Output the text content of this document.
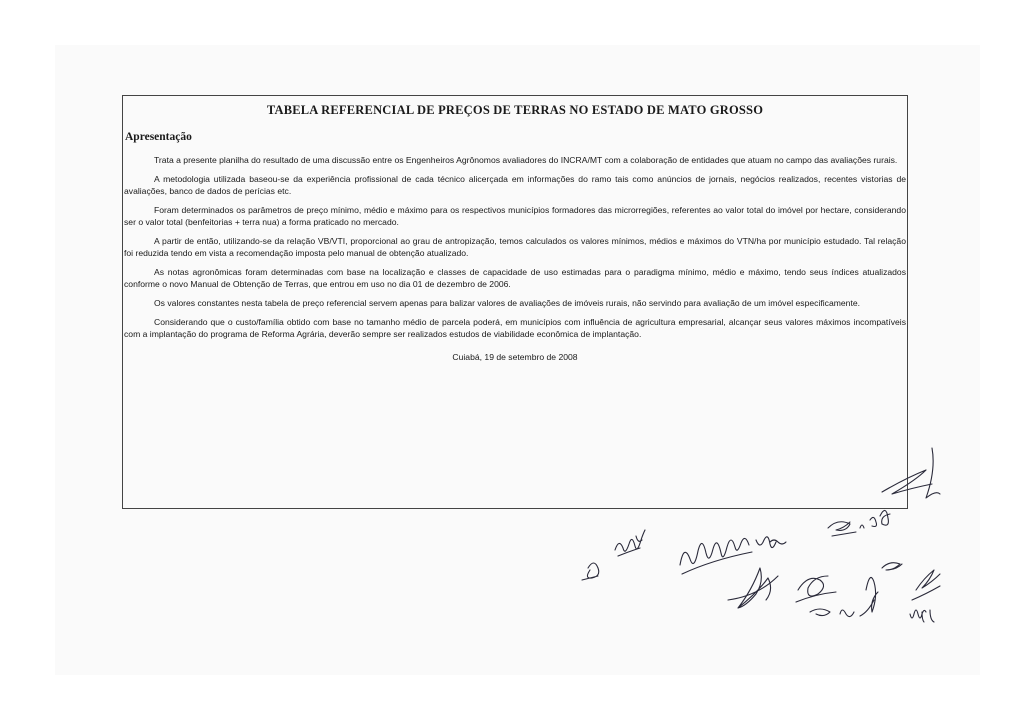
TABELA REFERENCIAL DE PREÇOS DE TERRAS NO ESTADO DE MATO GROSSO
Apresentação

Trata a presente planilha do resultado de uma discussão entre os Engenheiros Agrônomos avaliadores do INCRA/MT com a colaboração de entidades que atuam no campo das avaliações rurais.

A metodologia utilizada baseou-se da experiência profissional de cada técnico alicerçada em informações do ramo tais como anúncios de jornais, negócios realizados, recentes vistorias de avaliações, banco de dados de perícias etc.

Foram determinados os parâmetros de preço mínimo, médio e máximo para os respectivos municípios formadores das microrregiões, referentes ao valor total do imóvel por hectare, considerando ser o valor total (benfeitorias + terra nua) a forma praticado no mercado.

A partir de então, utilizando-se da relação VB/VTI, proporcional ao grau de antropização, temos calculados os valores mínimos, médios e máximos do VTN/ha por município estudado. Tal relação foi reduzida tendo em vista a recomendação imposta pelo manual de obtenção atualizado.

As notas agronômicas foram determinadas com base na localização e classes de capacidade de uso estimadas para o paradigma mínimo, médio e máximo, tendo seus índices atualizados conforme o novo Manual de Obtenção de Terras, que entrou em uso no dia 01 de dezembro de 2006.

Os valores constantes nesta tabela de preço referencial servem apenas para balizar valores de avaliações de imóveis rurais, não servindo para avaliação de um imóvel especificamente.

Considerando que o custo/família obtido com base no tamanho médio de parcela poderá, em municípios com influência de agricultura empresarial, alcançar seus valores máximos incompatíveis com a implantação do programa de Reforma Agrária, deverão sempre ser realizados estudos de viabilidade econômica de implantação.

Cuiabá, 19 de setembro de 2008
